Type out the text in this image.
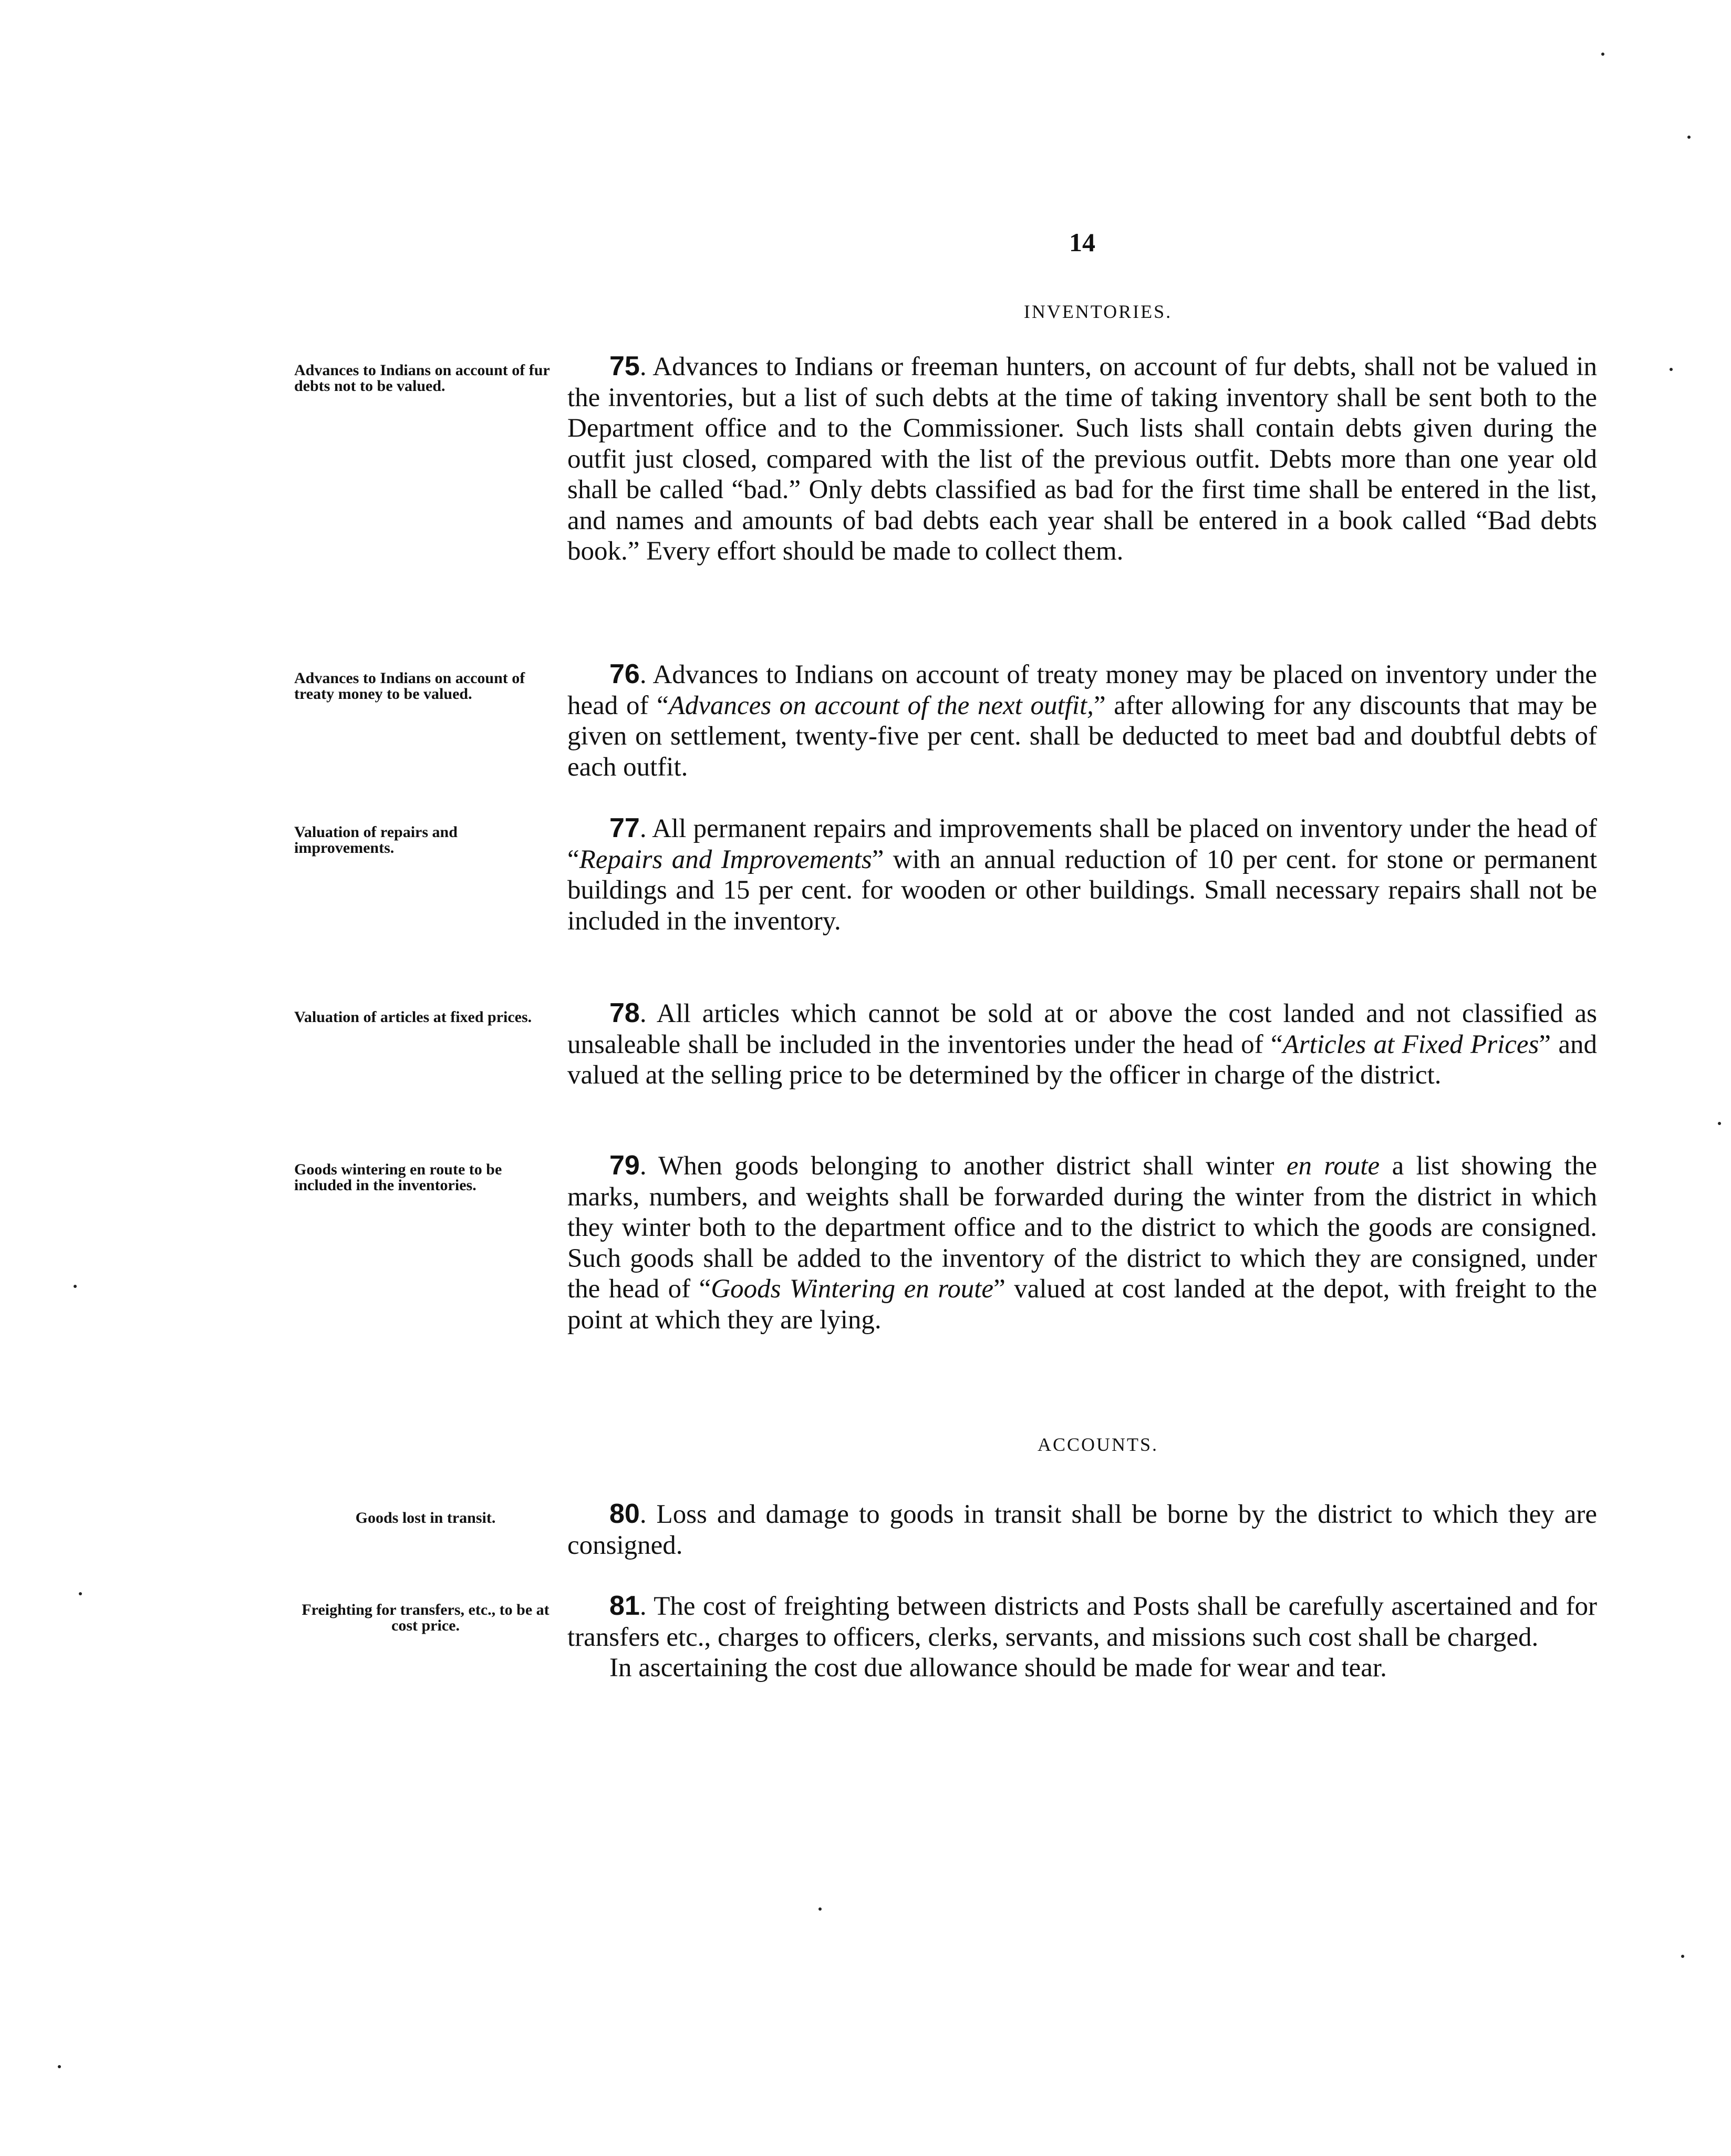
14
INVENTORIES.
Advances to Indians on account of fur debts not to be valued.

75. Advances to Indians or freeman hunters, on account of fur debts, shall not be valued in the inventories, but a list of such debts at the time of taking inventory shall be sent both to the Department office and to the Commissioner. Such lists shall contain debts given during the outfit just closed, compared with the list of the previous outfit. Debts more than one year old shall be called “bad.” Only debts classified as bad for the first time shall be entered in the list, and names and amounts of bad debts each year shall be entered in a book called “Bad debts book.” Every effort should be made to collect them.

Advances to Indians on account of treaty money to be valued.

76. Advances to Indians on account of treaty money may be placed on inventory under the head of “Advances on account of the next outfit,” after allowing for any discounts that may be given on settlement, twenty-five per cent. shall be deducted to meet bad and doubtful debts of each outfit.

Valuation of repairs and improvements.

77. All permanent repairs and improvements shall be placed on inventory under the head of “Repairs and Improvements” with an annual reduction of 10 per cent. for stone or permanent buildings and 15 per cent. for wooden or other buildings. Small necessary repairs shall not be included in the inventory.

Valuation of articles at fixed prices.	78. All articles which cannot be sold at or above the cost landed and not classified as unsaleable shall be included in the inventories under the head of “Articles at Fixed Prices” and valued at the selling price to be determined by the officer in charge of the district.

Goods wintering en route to be included in the inventories.

79. When goods belonging to another district shall winter en route a list showing the marks, numbers, and weights shall be forwarded during the winter from the district in which they winter both to the department office and to the district to which the goods are consigned. Such goods shall be added to the inventory of the district to which they are consigned, under the head of “Goods Wintering en route” valued at cost landed at the depot, with freight to the point at which they are lying.

ACCOUNTS.
Goods lost in transit.	80. Loss and damage to goods in transit shall be borne by the district to which they are consigned.

Freighting for transfers, etc., to be at cost price.

81. The cost of freighting between districts and Posts shall be carefully ascertained and for transfers etc., charges to officers, clerks, servants, and missions such cost shall be charged.

In ascertaining the cost due allowance should be made for wear and tear.
